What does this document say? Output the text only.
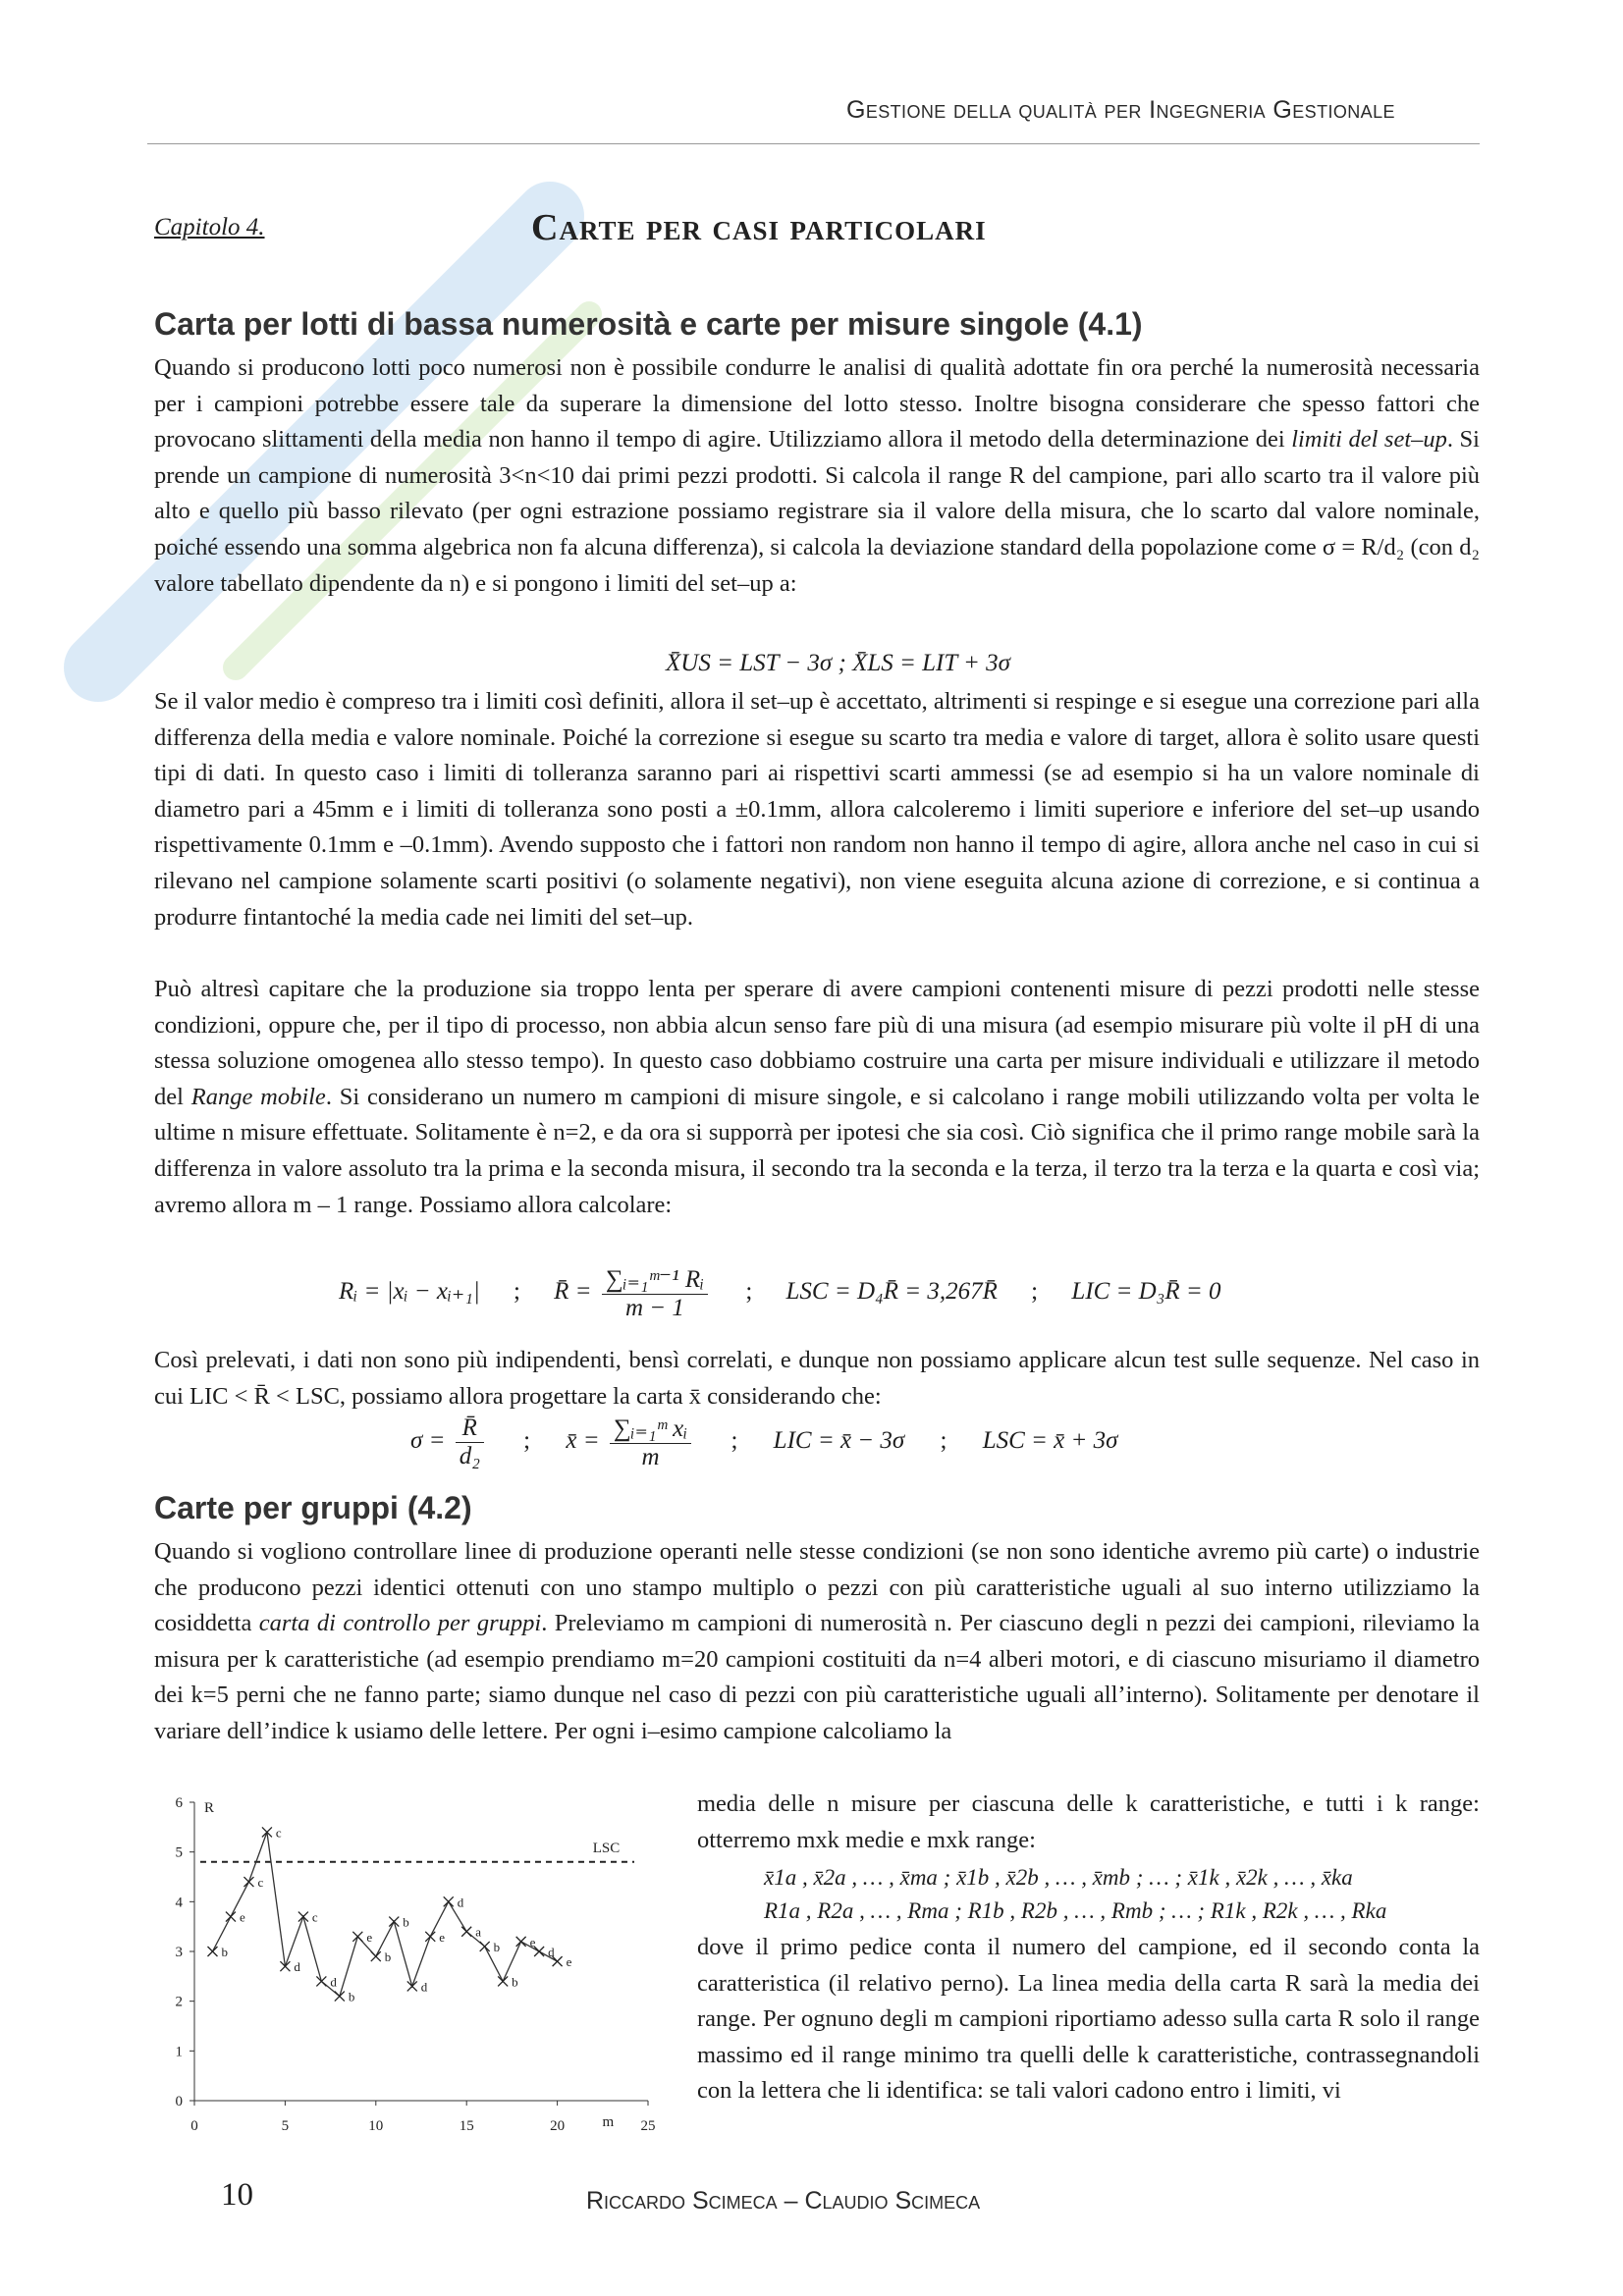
Gestione della qualità per Ingegneria Gestionale
Capitolo 4.	Carte per casi particolari
Carta per lotti di bassa numerosità e carte per misure singole (4.1)

Quando si producono lotti poco numerosi non è possibile condurre le analisi di qualità adottate fin ora perché la numerosità necessaria per i campioni potrebbe essere tale da superare la dimensione del lotto stesso. Inoltre bisogna considerare che spesso fattori che provocano slittamenti della media non hanno il tempo di agire. Utilizziamo allora il metodo della determinazione dei limiti del set–up. Si prende un campione di numerosità 3<n<10 dai primi pezzi prodotti. Si calcola il range R del campione, pari allo scarto tra il valore più alto e quello più basso rilevato (per ogni estrazione possiamo registrare sia il valore della misura, che lo scarto dal valore nominale, poiché essendo una somma algebrica non fa alcuna differenza), si calcola la deviazione standard della popolazione come σ = R/d₂ (con d₂ valore tabellato dipendente da n) e si pongono i limiti del set–up a:

X̄US = LST − 3σ ; X̄LS = LIT + 3σ

Se il valor medio è compreso tra i limiti così definiti, allora il set–up è accettato, altrimenti si respinge e si esegue una correzione pari alla differenza della media e valore nominale. Poiché la correzione si esegue su scarto tra media e valore di target, allora è solito usare questi tipi di dati. In questo caso i limiti di tolleranza saranno pari ai rispettivi scarti ammessi (se ad esempio si ha un valore nominale di diametro pari a 45mm e i limiti di tolleranza sono posti a ±0.1mm, allora calcoleremo i limiti superiore e inferiore del set–up usando rispettivamente 0.1mm e –0.1mm). Avendo supposto che i fattori non random non hanno il tempo di agire, allora anche nel caso in cui si rilevano nel campione solamente scarti positivi (o solamente negativi), non viene eseguita alcuna azione di correzione, e si continua a produrre fintantoché la media cade nei limiti del set–up.

Può altresì capitare che la produzione sia troppo lenta per sperare di avere campioni contenenti misure di pezzi prodotti nelle stesse condizioni, oppure che, per il tipo di processo, non abbia alcun senso fare più di una misura (ad esempio misurare più volte il pH di una stessa soluzione omogenea allo stesso tempo). In questo caso dobbiamo costruire una carta per misure individuali e utilizzare il metodo del Range mobile. Si considerano un numero m campioni di misure singole, e si calcolano i range mobili utilizzando volta per volta le ultime n misure effettuate. Solitamente è n=2, e da ora si supporrà per ipotesi che sia così. Ciò significa che il primo range mobile sarà la differenza in valore assoluto tra la prima e la seconda misura, il secondo tra la seconda e la terza, il terzo tra la terza e la quarta e così via; avremo allora m – 1 range. Possiamo allora calcolare:

Rᵢ = |xᵢ − xᵢ₊₁| ; R̄ = $\frac{\text{∑ᵢ₌₁ᵐ⁻¹ Rᵢ}}{m - 1}$ ; LSC = D₄R̄ = 3,267R̄ ; LIC = D₃R̄ = 0

Così prelevati, i dati non sono più indipendenti, bensì correlati, e dunque non possiamo applicare alcun test sulle sequenze. Nel caso in cui LIC < R̄ < LSC, possiamo allora progettare la carta x̄ considerando che:

$\sigma = \frac{R̄}{\text{d₂}}$ ; x̄ = $\frac{\text{∑ᵢ₌₁ᵐ xᵢ}}{m}$ ; LIC = x̄ − 3σ ; LSC = x̄ + 3σ
Carte per gruppi (4.2)

Quando si vogliono controllare linee di produzione operanti nelle stesse condizioni (se non sono identiche avremo più carte) o industrie che producono pezzi identici ottenuti con uno stampo multiplo o pezzi con più caratteristiche uguali al suo interno utilizziamo la cosiddetta carta di controllo per gruppi. Preleviamo m campioni di numerosità n. Per ciascuno degli n pezzi dei campioni, rileviamo la misura per k caratteristiche (ad esempio prendiamo m=20 campioni costituiti da n=4 alberi motori, e di ciascuno misuriamo il diametro dei k=5 perni che ne fanno parte; siamo dunque nel caso di pezzi con più caratteristiche uguali all’interno). Solitamente per denotare il variare dell’indice k usiamo delle lettere. Per ogni i–esimo campione calcoliamo la

media delle n misure per ciascuna delle k caratteristiche, e tutti i k range: otterremo mxk medie e mxk range:

x̄1a , x̄2a , … , x̄ma ; x̄1b , x̄2b , … , x̄mb ; … ; x̄1k , x̄2k , … , x̄ka
R1a , R2a , … , Rma ; R1b , R2b , … , Rmb ; … ; R1k , R2k , … , Rka

dove il primo pedice conta il numero del campione, ed il secondo conta la caratteristica (il relativo perno). La linea media della carta R sarà la media dei range. Per ognuno degli m campioni riportiamo adesso sulla carta R solo il range massimo ed il range minimo tra quelli delle k caratteristiche, contrassegnandoli con la lettera che li identifica: se tali valori cadono entro i limiti, vi

0
1
2
3
4
5
6
0	5	10	15	20	25
m
R
LSC
b
e
c
c
d
c
d
b
e
b
b
d
e
d
a
b
b
e
d
e
10	Riccardo Scimeca – Claudio Scimeca
